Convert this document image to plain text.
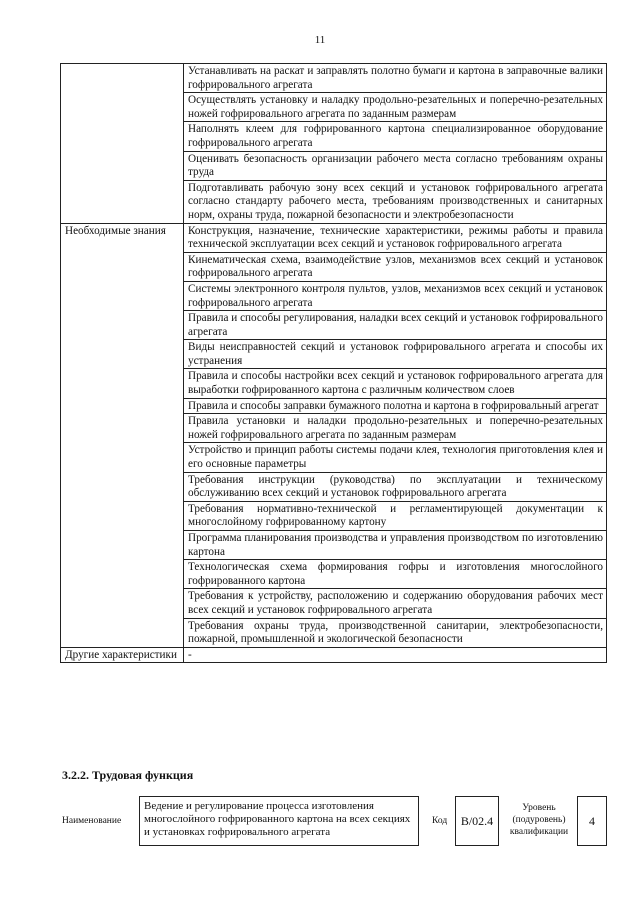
11
	Устанавливать на раскат и заправлять полотно бумаги и картона в заправочные валики гофрировального агрегата
	Осуществлять установку и наладку продольно-резательных и поперечно-резательных ножей гофрировального агрегата по заданным размерам
	Наполнять клеем для гофрированного картона специализированное оборудование гофрировального агрегата
	Оценивать безопасность организации рабочего места согласно требованиям охраны труда
	Подготавливать рабочую зону всех секций и установок гофрировального агрегата согласно стандарту рабочего места, требованиям производственных и санитарных норм, охраны труда, пожарной безопасности и электробезопасности
Необходимые знания	Конструкция, назначение, технические характеристики, режимы работы и правила технической эксплуатации всех секций и установок гофрировального агрегата
	Кинематическая схема, взаимодействие узлов, механизмов всех секций и установок гофрировального агрегата
	Системы электронного контроля пультов, узлов, механизмов всех секций и установок гофрировального агрегата
	Правила и способы регулирования, наладки всех секций и установок гофрировального агрегата
	Виды неисправностей секций и установок гофрировального агрегата и способы их устранения
	Правила и способы настройки всех секций и установок гофрировального агрегата для выработки гофрированного картона с различным количеством слоев
	Правила и способы заправки бумажного полотна и картона в гофрировальный агрегат
	Правила установки и наладки продольно-резательных и поперечно-резательных ножей гофрировального агрегата по заданным размерам
	Устройство и принцип работы системы подачи клея, технология приготовления клея и его основные параметры
	Требования инструкции (руководства) по эксплуатации и техническому обслуживанию всех секций и установок гофрировального агрегата
	Требования нормативно-технической и регламентирующей документации к многослойному гофрированному картону
	Программа планирования производства и управления производством по изготовлению картона
	Технологическая схема формирования гофры и изготовления многослойного гофрированного картона
	Требования к устройству, расположению и содержанию оборудования рабочих мест всех секций и установок гофрировального агрегата
	Требования охраны труда, производственной санитарии, электробезопасности, пожарной, промышленной и экологической безопасности
Другие характеристики	-
3.2.2. Трудовая функция
Наименование
Ведение и регулирование процесса изготовления многослойного гофрированного картона на всех секциях и установках гофрировального агрегата
Код	B/02.4
Уровень (подуровень) квалификации
4
